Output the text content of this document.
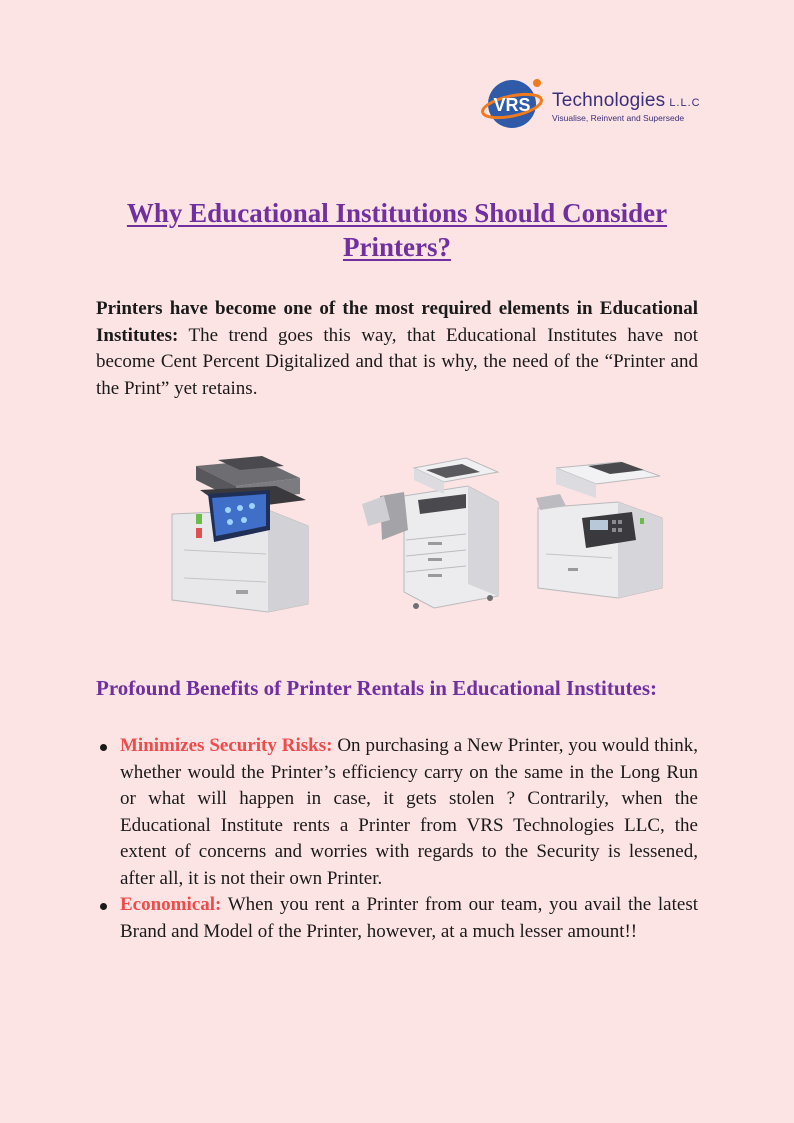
VRS Technologies L.L.C
Visualise, Reinvent and Supersede
Why Educational Institutions Should Consider Printers?

Printers have become one of the most required elements in Educational Institutes: The trend goes this way, that Educational Institutes have not become Cent Percent Digitalized and that is why, the need of the “Printer and the Print” yet retains.

Profound Benefits of Printer Rentals in Educational Institutes:
Minimizes Security Risks: On purchasing a New Printer, you would think, whether would the Printer’s efficiency carry on the same in the Long Run or what will happen in case, it gets stolen ? Contrarily, when the Educational Institute rents a Printer from VRS Technologies LLC, the extent of concerns and worries with regards to the Security is lessened, after all, it is not their own Printer.
Economical: When you rent a Printer from our team, you avail the latest Brand and Model of the Printer, however, at a much lesser amount!!
